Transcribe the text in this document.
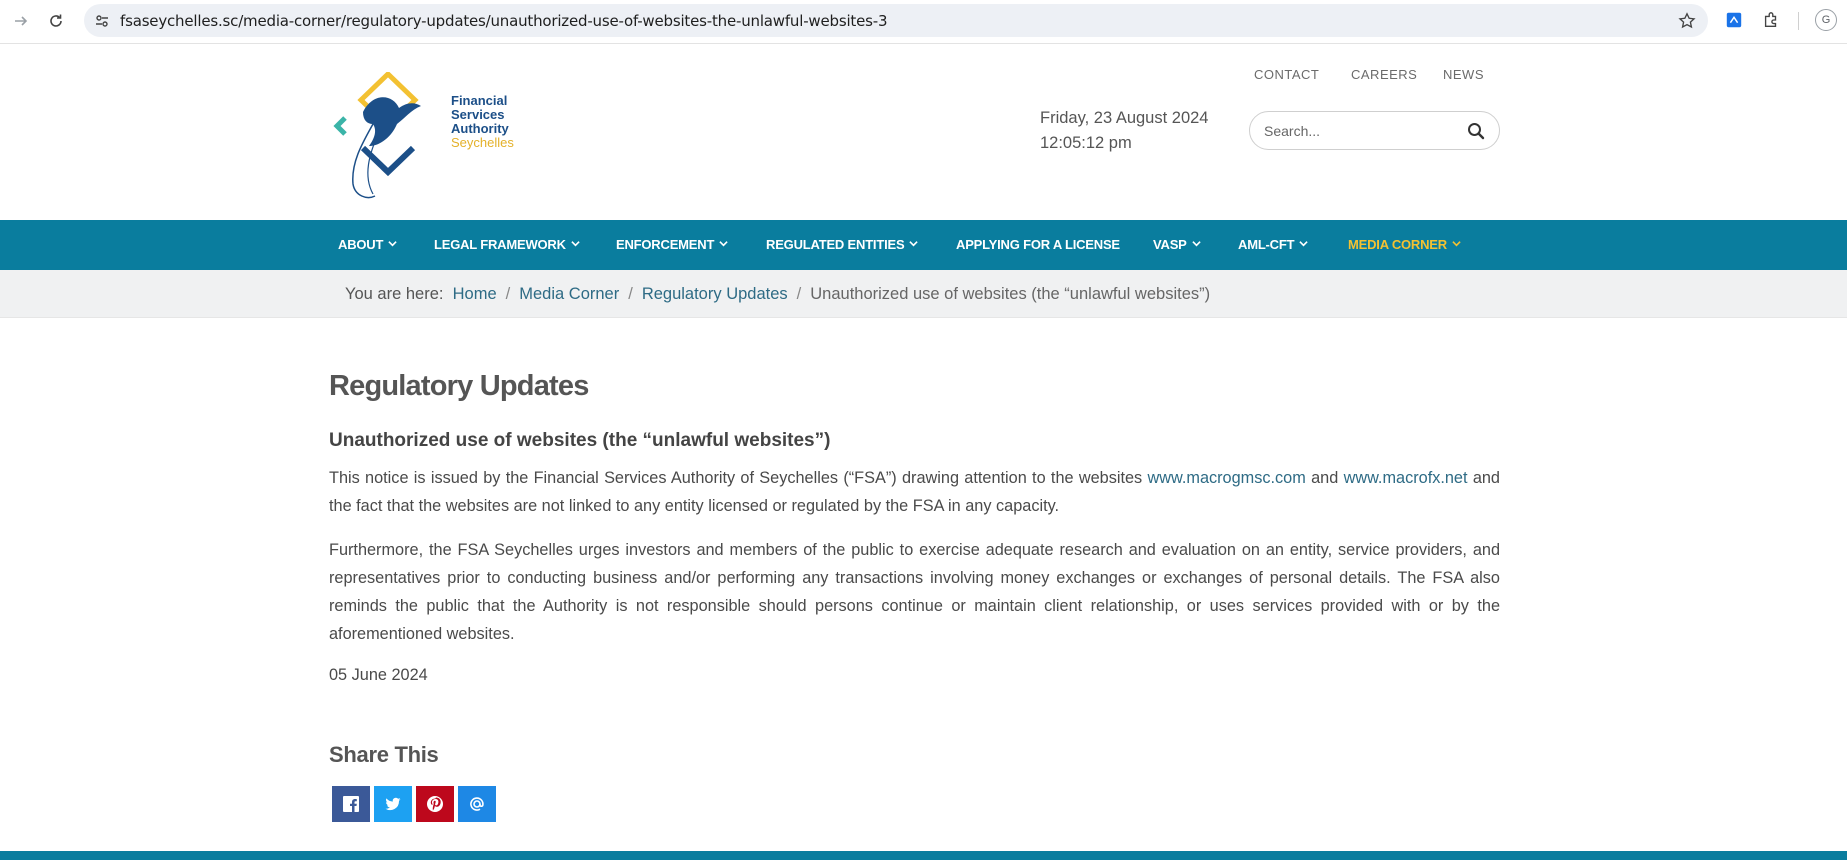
fsaseychelles.sc/media-corner/regulatory-updates/unauthorized-use-of-websites-the-unlawful-websites-3	G
Financial
Services
Authority
Seychelles
CONTACT CAREERS NEWS
Friday, 23 August 2024
12:05:12 pm
Search...
ABOUT	LEGAL FRAMEWORK	ENFORCEMENT	REGULATED ENTITIES	APPLYING FOR A LICENSE	VASP	AML-CFT	MEDIA CORNER
You are here: Home / Media Corner / Regulatory Updates / Unauthorized use of websites (the “unlawful websites”)
Regulatory Updates
Unauthorized use of websites (the “unlawful websites”)

This notice is issued by the Financial Services Authority of Seychelles (“FSA”) drawing attention to the websites www.macrogmsc.com and www.macrofx.net and the fact that the websites are not linked to any entity licensed or regulated by the FSA in any capacity.

Furthermore, the FSA Seychelles urges investors and members of the public to exercise adequate research and evaluation on an entity, service providers, and representatives prior to conducting business and/or performing any transactions involving money exchanges or exchanges of personal details. The FSA also reminds the public that the Authority is not responsible should persons continue or maintain client relationship, or uses services provided with or by the aforementioned websites.

05 June 2024
Share This
